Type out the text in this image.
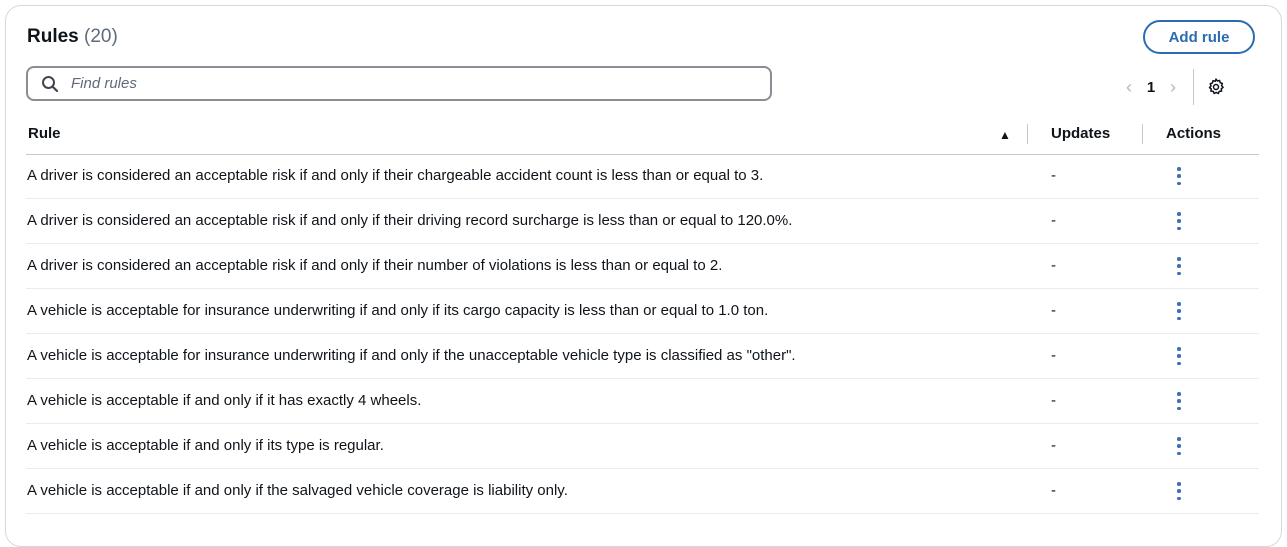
Rules (20)	Add rule
Find rules
‹ 1 ›
Rule	▲	Updates	Actions
A driver is considered an acceptable risk if and only if their chargeable accident count is less than or equal to 3.	-
A driver is considered an acceptable risk if and only if their driving record surcharge is less than or equal to 120.0%.	-
A driver is considered an acceptable risk if and only if their number of violations is less than or equal to 2.	-
A vehicle is acceptable for insurance underwriting if and only if its cargo capacity is less than or equal to 1.0 ton.	-
A vehicle is acceptable for insurance underwriting if and only if the unacceptable vehicle type is classified as "other".	-
A vehicle is acceptable if and only if it has exactly 4 wheels.	-
A vehicle is acceptable if and only if its type is regular.	-
A vehicle is acceptable if and only if the salvaged vehicle coverage is liability only.	-
